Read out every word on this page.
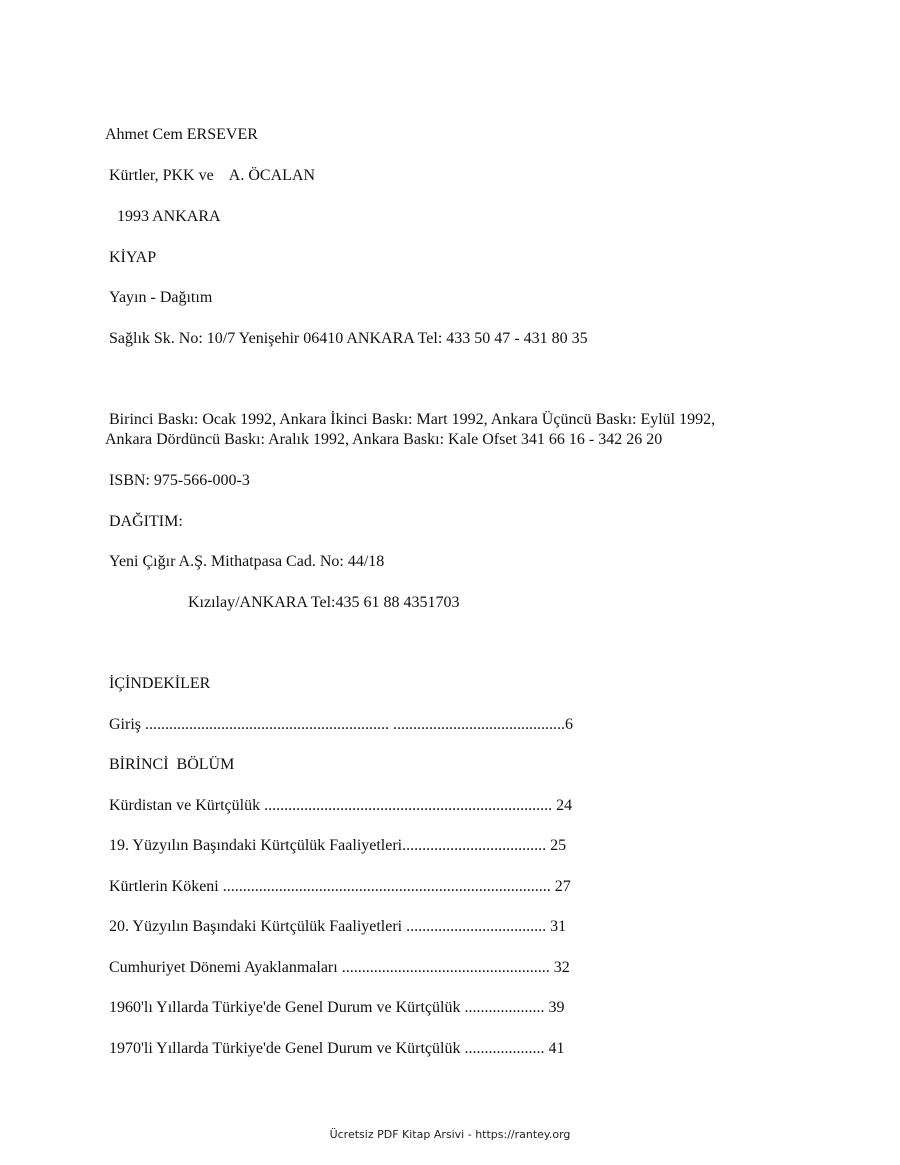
Ahmet Cem ERSEVER
Kürtler, PKK ve    A. ÖCALAN
1993 ANKARA
KİYAP
Yayın - Dağıtım
Sağlık Sk. No: 10/7 Yenişehir 06410 ANKARA Tel: 433 50 47 - 431 80 35
Birinci Baskı: Ocak 1992, Ankara İkinci Baskı: Mart 1992, Ankara Üçüncü Baskı: Eylül 1992,
Ankara Dördüncü Baskı: Aralık 1992, Ankara Baskı: Kale Ofset 341 66 16 - 342 26 20
ISBN: 975-566-000-3
DAĞITIM:
Yeni Çığır A.Ş. Mithatpasa Cad. No: 44/18
Kızılay/ANKARA Tel:435 61 88 4351703
İÇİNDEKİLER
Giriş ............................................................. ...........................................6
BİRİNCİ  BÖLÜM
Kürdistan ve Kürtçülük ........................................................................ 24
19. Yüzyılın Başındaki Kürtçülük Faaliyetleri.................................... 25
Kürtlerin Kökeni .................................................................................. 27
20. Yüzyılın Başındaki Kürtçülük Faaliyetleri ................................... 31
Cumhuriyet Dönemi Ayaklanmaları .................................................... 32
1960'lı Yıllarda Türkiye'de Genel Durum ve Kürtçülük .................... 39
1970'li Yıllarda Türkiye'de Genel Durum ve Kürtçülük .................... 41
Ücretsiz PDF Kitap Arsivi - https://rantey.org
